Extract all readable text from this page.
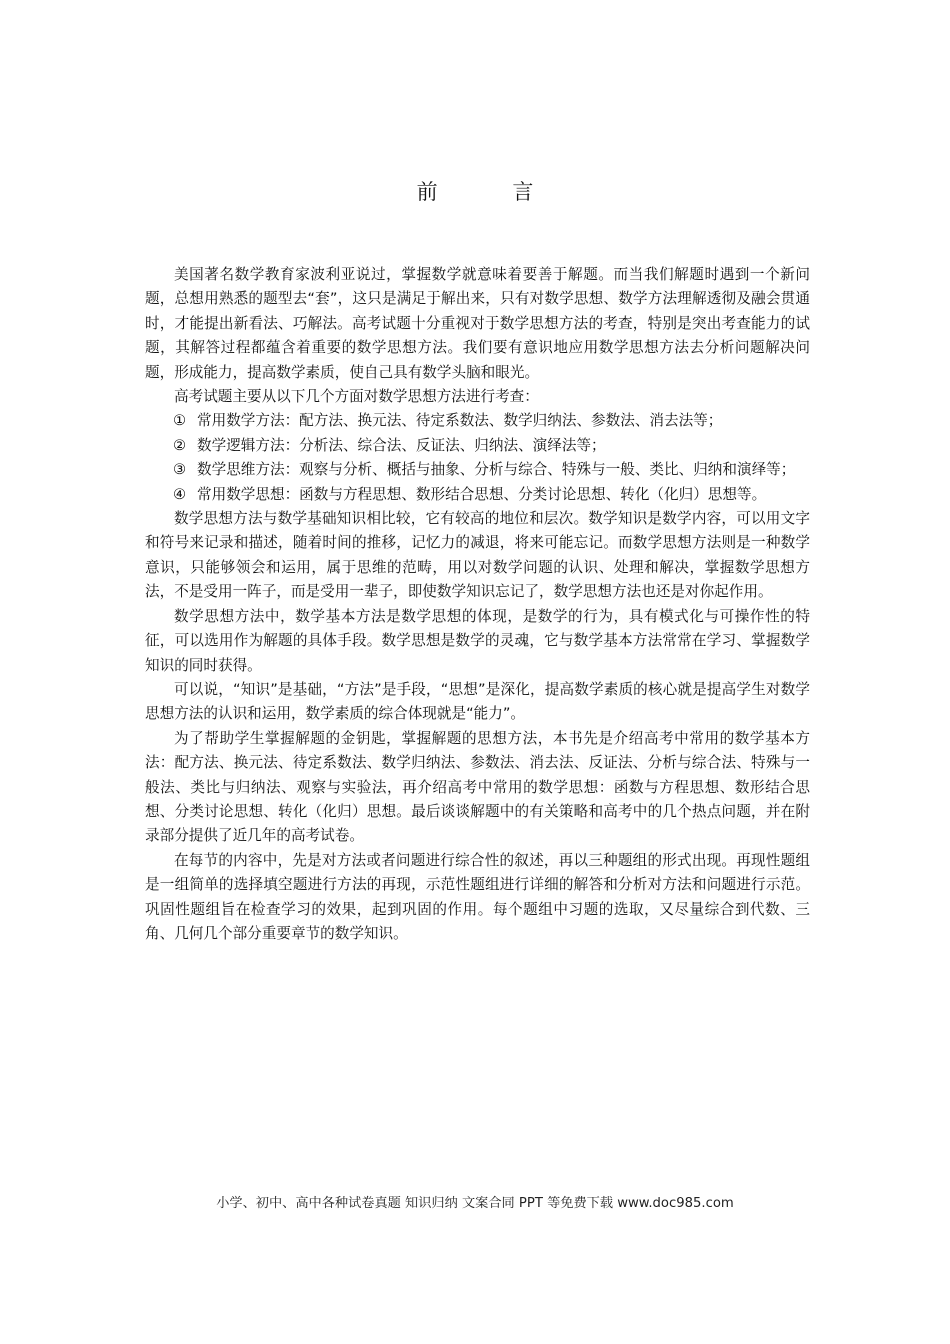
前 言

美国著名数学教育家波利亚说过，掌握数学就意味着要善于解题。而当我们解题时遇到一个新问题，总想用熟悉的题型去“套”，这只是满足于解出来，只有对数学思想、数学方法理解透彻及融会贯通时，才能提出新看法、巧解法。高考试题十分重视对于数学思想方法的考查，特别是突出考查能力的试题，其解答过程都蕴含着重要的数学思想方法。我们要有意识地应用数学思想方法去分析问题解决问题，形成能力，提高数学素质，使自己具有数学头脑和眼光。

高考试题主要从以下几个方面对数学思想方法进行考查：

① 常用数学方法：配方法、换元法、待定系数法、数学归纳法、参数法、消去法等；

② 数学逻辑方法：分析法、综合法、反证法、归纳法、演绎法等；

③ 数学思维方法：观察与分析、概括与抽象、分析与综合、特殊与一般、类比、归纳和演绎等；

④ 常用数学思想：函数与方程思想、数形结合思想、分类讨论思想、转化（化归）思想等。

数学思想方法与数学基础知识相比较，它有较高的地位和层次。数学知识是数学内容，可以用文字和符号来记录和描述，随着时间的推移，记忆力的减退，将来可能忘记。而数学思想方法则是一种数学意识，只能够领会和运用，属于思维的范畴，用以对数学问题的认识、处理和解决，掌握数学思想方法，不是受用一阵子，而是受用一辈子，即使数学知识忘记了，数学思想方法也还是对你起作用。

数学思想方法中，数学基本方法是数学思想的体现，是数学的行为，具有模式化与可操作性的特征，可以选用作为解题的具体手段。数学思想是数学的灵魂，它与数学基本方法常常在学习、掌握数学知识的同时获得。

可以说，“知识”是基础，“方法”是手段，“思想”是深化，提高数学素质的核心就是提高学生对数学思想方法的认识和运用，数学素质的综合体现就是“能力”。

为了帮助学生掌握解题的金钥匙，掌握解题的思想方法，本书先是介绍高考中常用的数学基本方法：配方法、换元法、待定系数法、数学归纳法、参数法、消去法、反证法、分析与综合法、特殊与一般法、类比与归纳法、观察与实验法，再介绍高考中常用的数学思想：函数与方程思想、数形结合思想、分类讨论思想、转化（化归）思想。最后谈谈解题中的有关策略和高考中的几个热点问题，并在附录部分提供了近几年的高考试卷。

在每节的内容中，先是对方法或者问题进行综合性的叙述，再以三种题组的形式出现。再现性题组是一组简单的选择填空题进行方法的再现，示范性题组进行详细的解答和分析对方法和问题进行示范。巩固性题组旨在检查学习的效果，起到巩固的作用。每个题组中习题的选取，又尽量综合到代数、三角、几何几个部分重要章节的数学知识。

小学、初中、高中各种试卷真题 知识归纳 文案合同 PPT 等免费下载 www.doc985.com
